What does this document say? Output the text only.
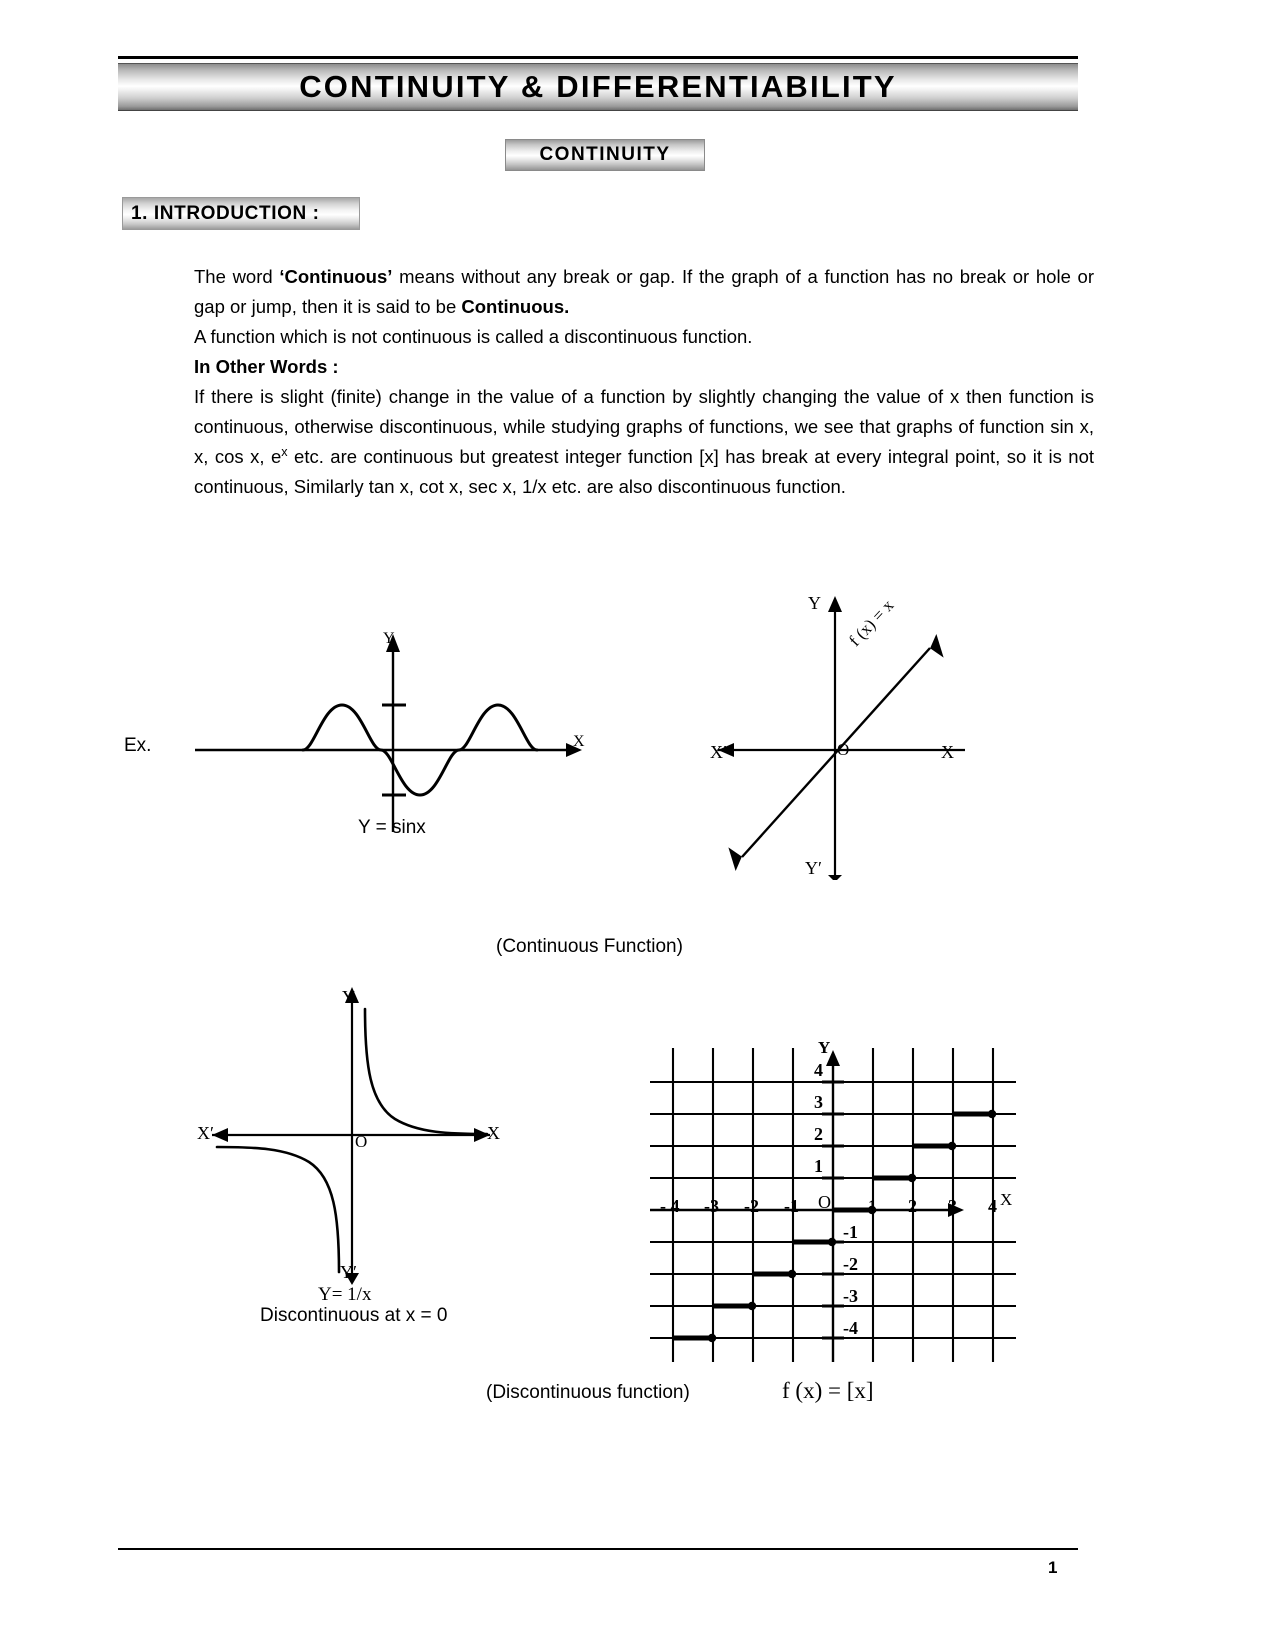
CONTINUITY & DIFFERENTIABILITY
CONTINUITY
1. INTRODUCTION :

The word ‘Continuous’ means without any break or gap. If the graph of a function has no break or hole or gap or jump, then it is said to be Continuous.

A function which is not continuous is called a discontinuous function.

In Other Words :

If there is slight (finite) change in the value of a function by slightly changing the value of x then function is continuous, otherwise discontinuous, while studying graphs of functions, we see that graphs of function sin x, x, cos x, $e^x$ etc. are continuous but greatest integer function [x] has break at every integral point, so it is not continuous, Similarly tan x, cot x, sec x, 1/x etc. are also discontinuous function.

Ex.
Y
X
Y = sinx
Y
Y′
X′	X
O
f (x) = x
(Continuous Function)
Y
Y′
X′	X
O
Y= 1/x
Discontinuous at x = 0
Y
X
O
4
3
2
1
-1
-2
-3
-4
- 4 -3 -2 -1	1 2 3 4
(Discontinuous function)	f (x) = [x]
1
